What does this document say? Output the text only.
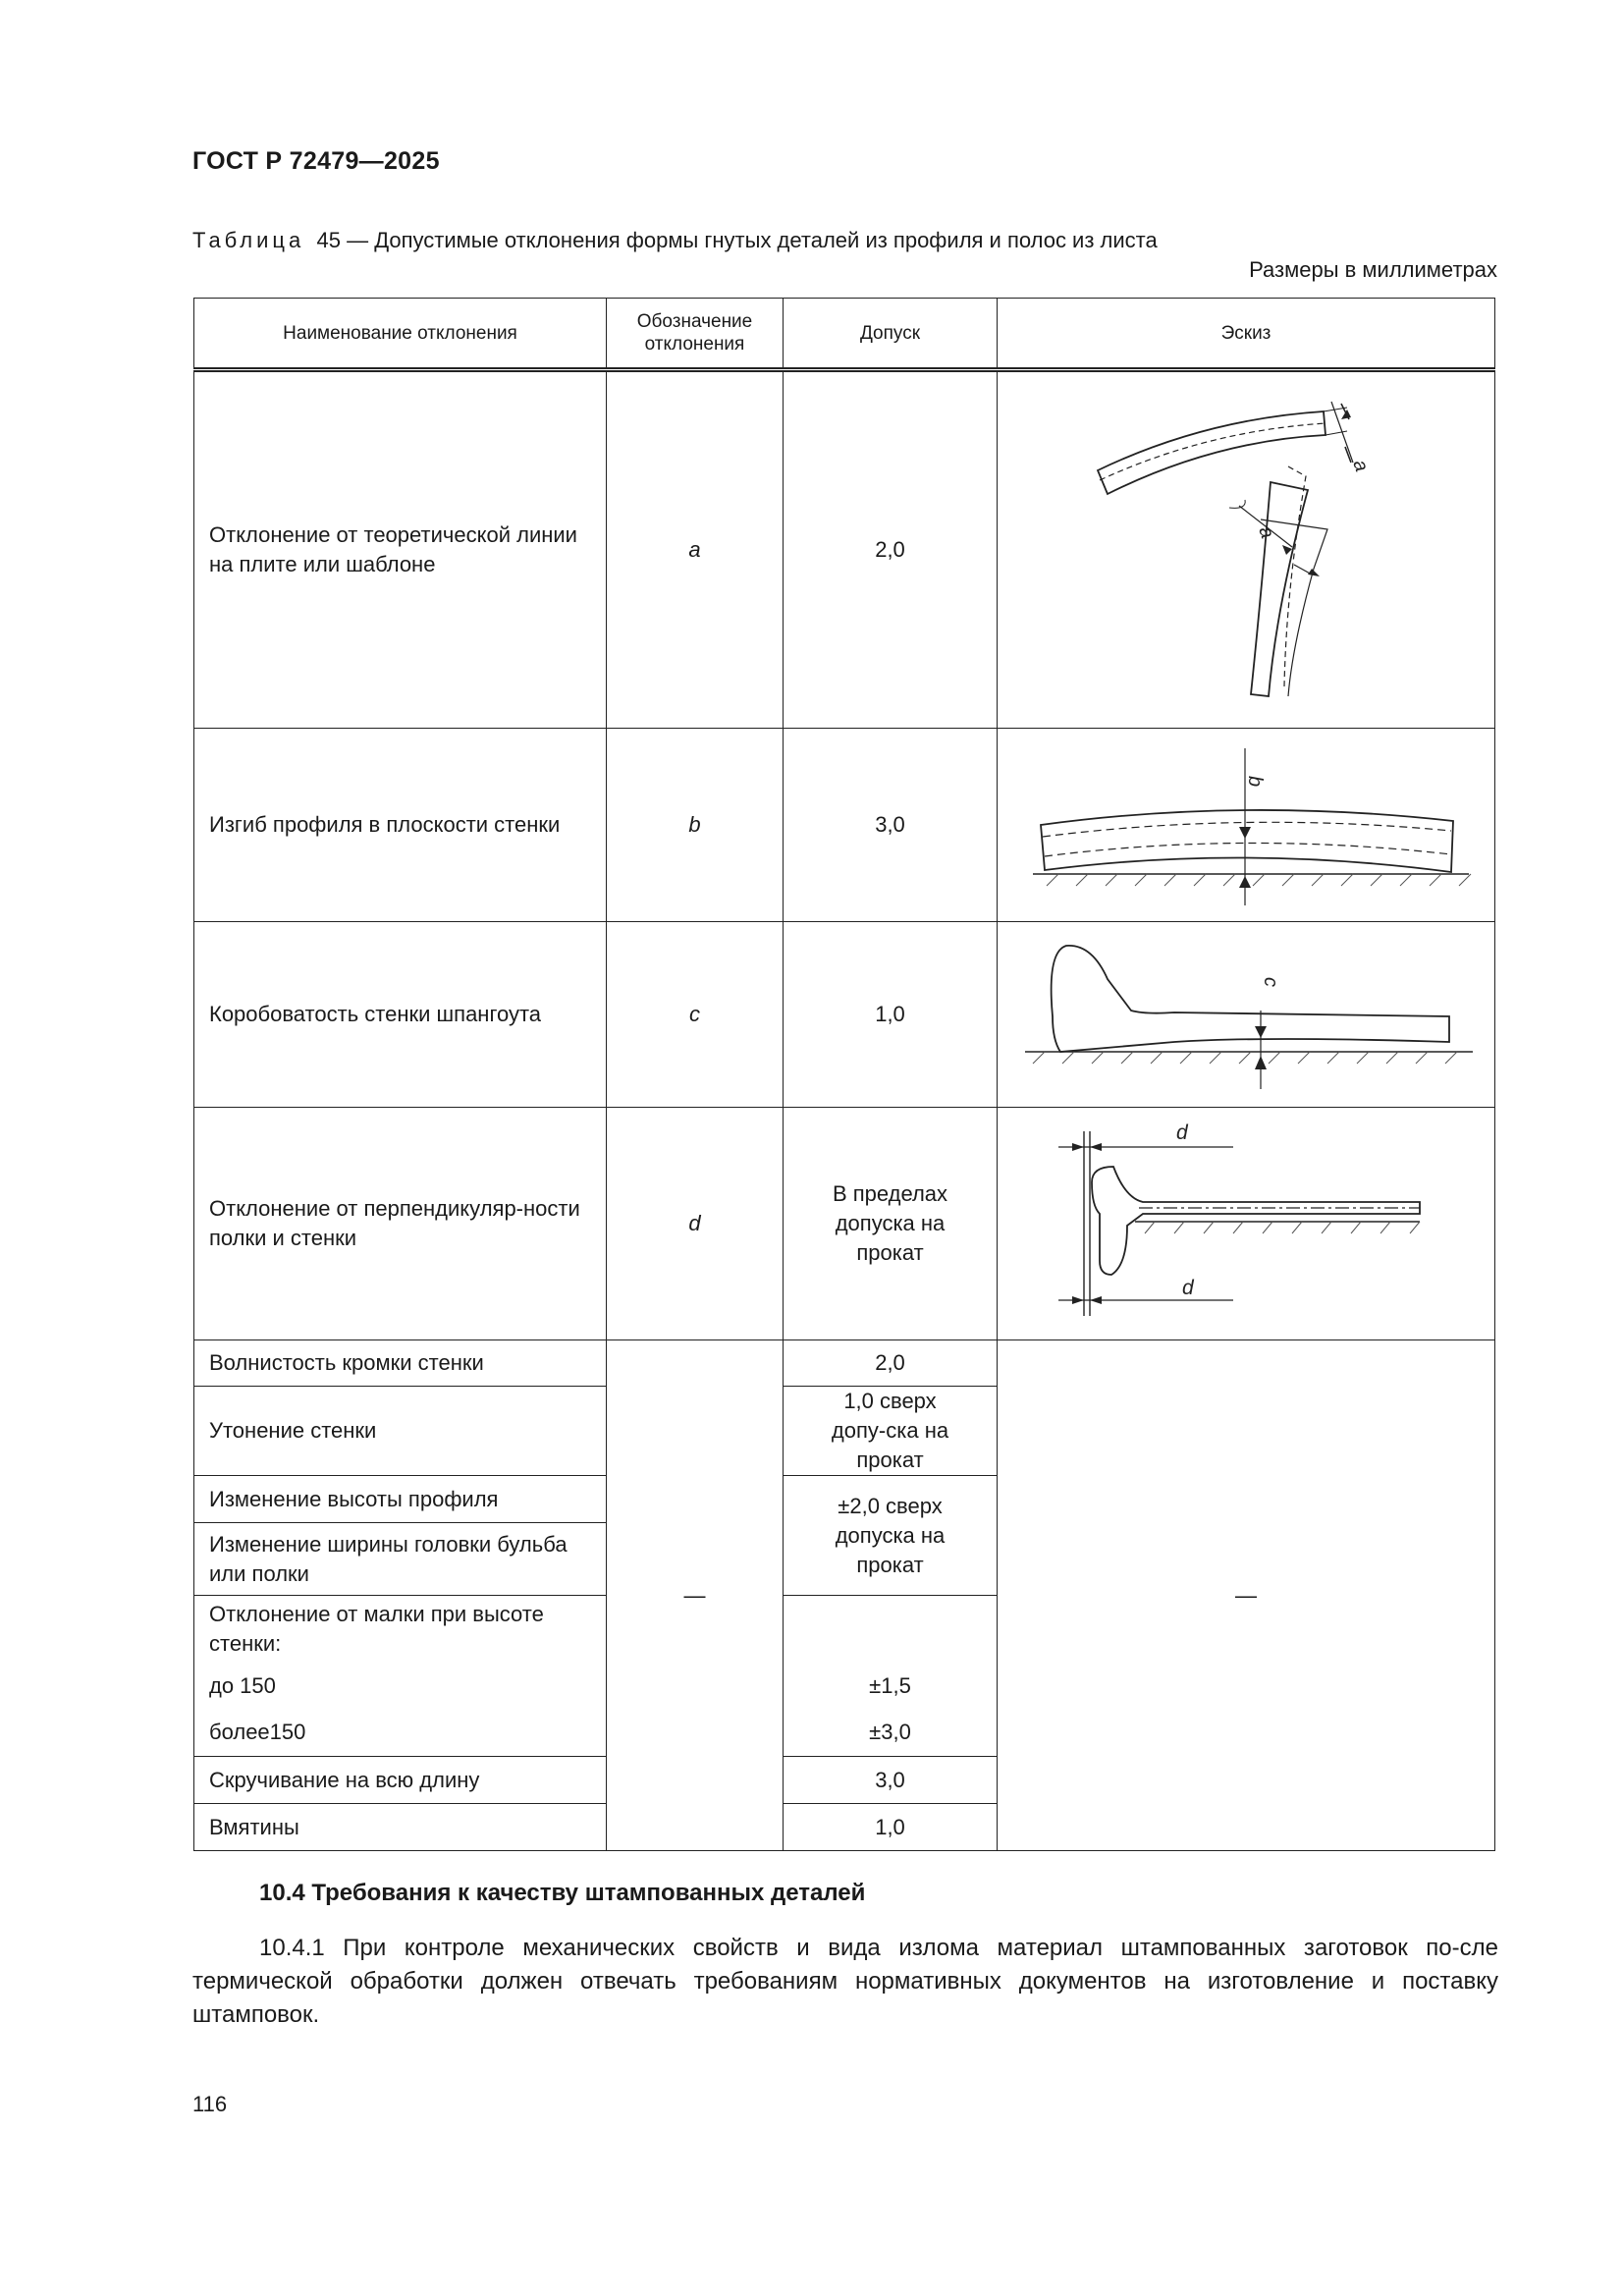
ГОСТ Р 72479—2025
Таблица 45 — Допустимые отклонения формы гнутых деталей из профиля и полос из листа
Размеры в миллиметрах
Наименование отклонения	Обозначение отклонения	Допуск	Эскиз
Отклонение от теоретической линии на плите или шаблоне	a	2,0	a
a

Изгиб профиля в плоскости стенки	b	3,0	b

Коробоватость стенки шпангоута	c	1,0	c

Отклонение от перпендикуляр-ности полки и стенки	d	В пределах допуска на прокат	d
d

Волнистость кромки стенки	—	2,0	—
Утонение стенки		1,0 сверх допу-ска на прокат	

Изменение высоты профиля		±2,0 сверх допуска на прокат	

Изменение ширины головки бульба или полки			
Отклонение от малки при высоте стенки:			
до 150		±1,5	
более150		±3,0	
Скручивание на всю длину		3,0	
Вмятины		1,0	
10.4 Требования к качеству штампованных деталей
10.4.1 При контроле механических свойств и вида излома материал штампованных заготовок по-сле термической обработки должен отвечать требованиям нормативных документов на изготовление и поставку штамповок.
116
